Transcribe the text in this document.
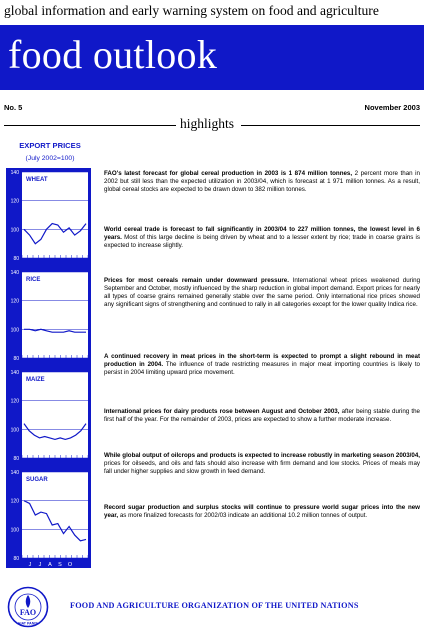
global information and early warning system on food and agriculture
food outlook
No. 5	November 2003
highlights
EXPORT PRICES
(July 2002=100)
140
120
100
80
WHEAT
140
120
100
80
RICE
140
120
100
80
MAIZE
140
120
100
80
SUGAR
J J A S O
2003

FAO's latest forecast for global cereal production in 2003 is 1 874 million tonnes, 2 percent more than in 2002 but still less than the expected utilization in 2003/04, which is forecast at 1 971 million tonnes. As a result, global cereal stocks are expected to be drawn down to 382 million tonnes.

World cereal trade is forecast to fall significantly in 2003/04 to 227 million tonnes, the lowest level in 6 years. Most of this large decline is being driven by wheat and to a lesser extent by rice; trade in coarse grains is expected to increase slightly.

Prices for most cereals remain under downward pressure. International wheat prices weakened during September and October, mostly influenced by the sharp reduction in global import demand. Export prices for nearly all types of coarse grains remained generally stable over the same period. Only international rice prices showed any significant signs of strengthening and continued to rally in all categories except for the lower quality Indica rice.

A continued recovery in meat prices in the short-term is expected to prompt a slight rebound in meat production in 2004. The influence of trade restricting measures in major meat importing countries is likely to persist in 2004 limiting upward price movement.

International prices for dairy products rose between August and October 2003, after being stable during the first half of the year. For the remainder of 2003, prices are expected to show a further moderate increase.

While global output of oilcrops and products is expected to increase robustly in marketing season 2003/04, prices for oilseeds, and oils and fats should also increase with firm demand and low stocks. Prices of meals may fall under higher supplies and slow growth in feed demand.

Record sugar production and surplus stocks will continue to pressure world sugar prices into the new year, as more finalized forecasts for 2002/03 indicate an additional 10.2 million tonnes of output.

FAO
FIAT PANIS
FOOD AND AGRICULTURE ORGANIZATION OF THE UNITED NATIONS
